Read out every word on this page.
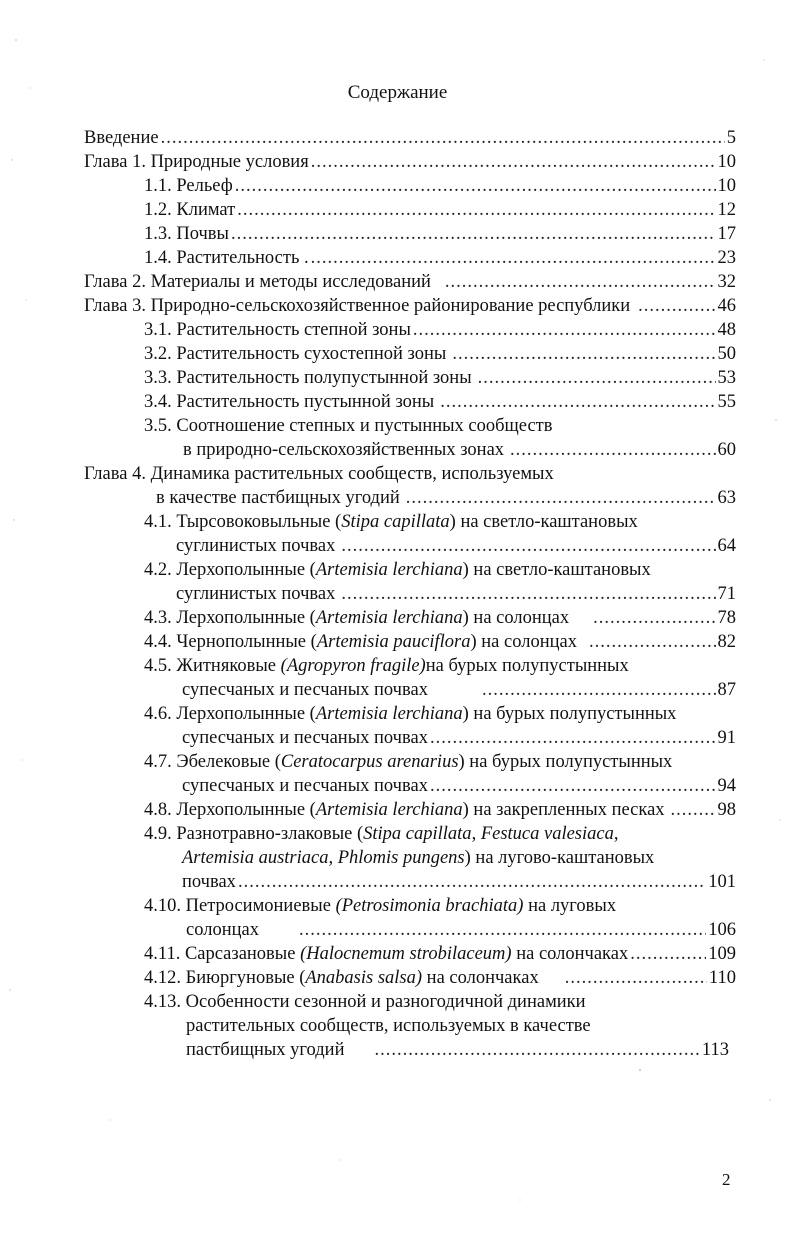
Содержание
Введение .....	5
Глава 1. Природные условия .....	10
1.1. Рельеф .....	10
1.2. Климат .....	12
1.3. Почвы .....	17
1.4. Растительность . .....	23
Глава 2. Материалы и методы исследований .....	32
Глава 3. Природно-сельскохозяйственное районирование республики .....	46
3.1. Растительность степной зоны .....	48
3.2. Растительность сухостепной зоны .....	50
3.3. Растительность полупустынной зоны .....	53
3.4. Растительность пустынной зоны .....	55
3.5. Соотношение степных и пустынных сообществ
в природно-сельскохозяйственных зонах .....	60
Глава 4. Динамика растительных сообществ, используемых
в качестве пастбищных угодий .....	63
4.1. Тырсовоковыльные (Stipa capillata) на светло-каштановых
суглинистых почвах .....	64
4.2. Лерхополынные (Artemisia lerchiana) на светло-каштановых
суглинистых почвах .....	71
4.3. Лерхополынные (Artemisia lerchiana) на солонцах .....	78
4.4. Чернополынные (Artemisia pauciflora) на солонцах .....	82
4.5. Житняковые (Agropyron fragile)на бурых полупустынных
супесчаных и песчаных почвах .....	87
4.6. Лерхополынные (Artemisia lerchiana) на бурых полупустынных
супесчаных и песчаных почвах .....	91
4.7. Эбелековые (Ceratocarpus arenarius) на бурых полупустынных
супесчаных и песчаных почвах .....	94
4.8. Лерхополынные (Artemisia lerchiana) на закрепленных песках .....	98
4.9. Разнотравно-злаковые (Stipa capillata, Festuca valesiaca,
Artemisia austriaca, Phlomis pungens) на лугово-каштановых
почвах .....	101
4.10. Петросимониевые (Petrosimonia brachiata) на луговых
солонцах .....	106
4.11. Сарсазановые (Halocnemum strobilaceum) на солончаках .....	109
4.12. Биюргуновые (Anabasis salsa) на солончаках .....	110
4.13. Особенности сезонной и разногодичной динамики
растительных сообществ, используемых в качестве
пастбищных угодий .....	113
2
